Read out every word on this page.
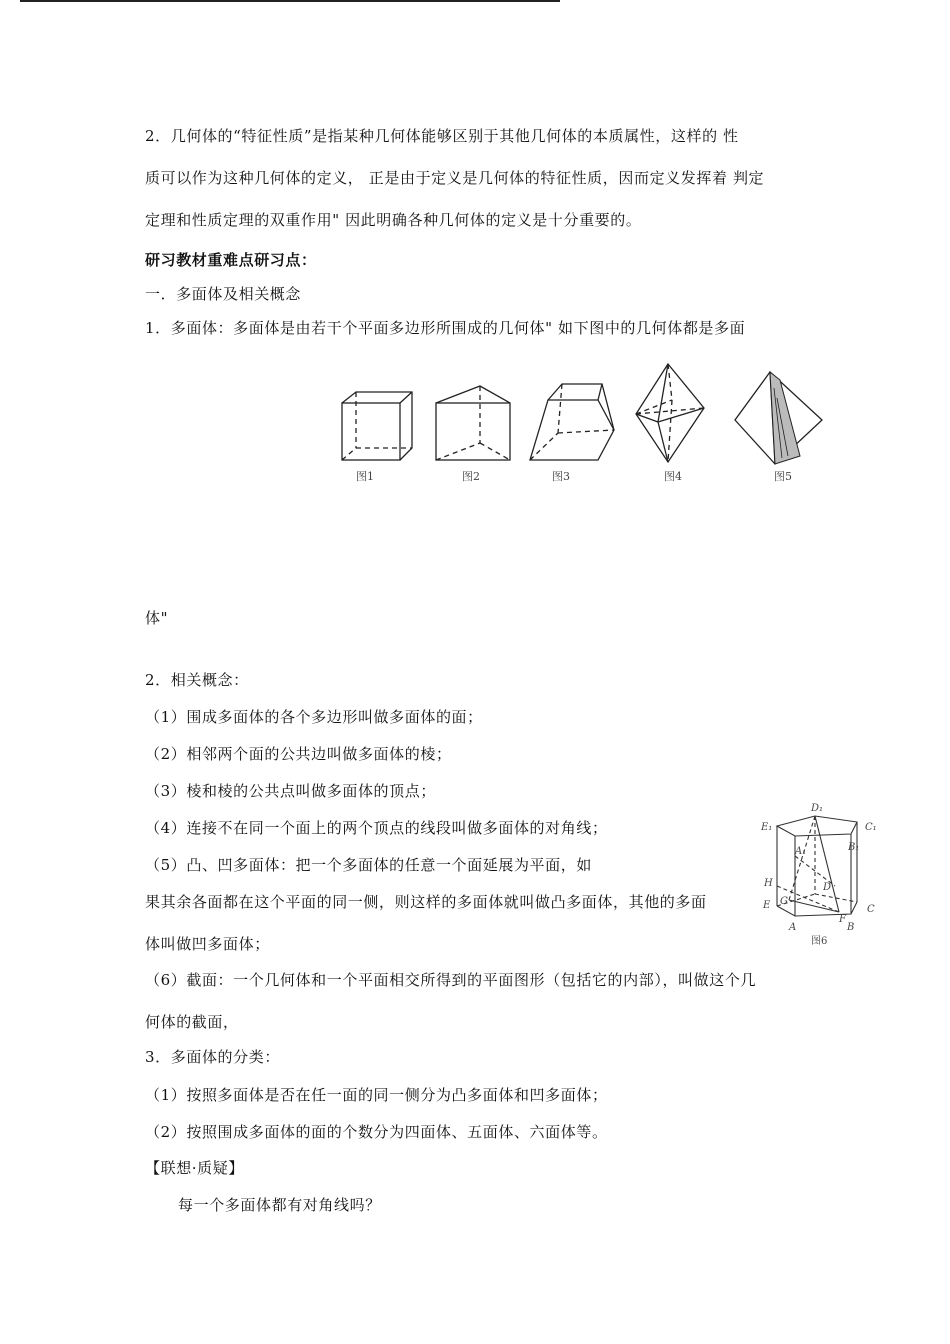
2．几何体的“特征性质”是指某种几何体能够区别于其他几何体的本质属性，这样的 性
质可以作为这种几何体的定义， 正是由于定义是几何体的特征性质，因而定义发挥着 判定
定理和性质定理的双重作用" 因此明确各种几何体的定义是十分重要的。
研习教材重难点研习点：
一．多面体及相关概念
1．多面体：多面体是由若干个平面多边形所围成的几何体" 如下图中的几何体都是多面
图1	图2	图3	图4	图5
体"
2．相关概念：
（1）围成多面体的各个多边形叫做多面体的面；
（2）相邻两个面的公共边叫做多面体的棱；
（3）棱和棱的公共点叫做多面体的顶点；
（4）连接不在同一个面上的两个顶点的线段叫做多面体的对角线；
（5）凸、凹多面体：把一个多面体的任意一个面延展为平面，如
果其余各面都在这个平面的同一侧，则这样的多面体就叫做凸多面体，其他的多面
体叫做凹多面体；
（6）截面：一个几何体和一个平面相交所得到的平面图形（包括它的内部），叫做这个几
何体的截面，
3．多面体的分类：
（1）按照多面体是否在任一面的同一侧分为凸多面体和凹多面体；
（2）按照围成多面体的面的个数分为四面体、五面体、六面体等。
【联想·质疑】
每一个多面体都有对角线吗？
D₁
E₁	C₁
B₁
A₁
H	D
E G
F
C
A	B
图6
